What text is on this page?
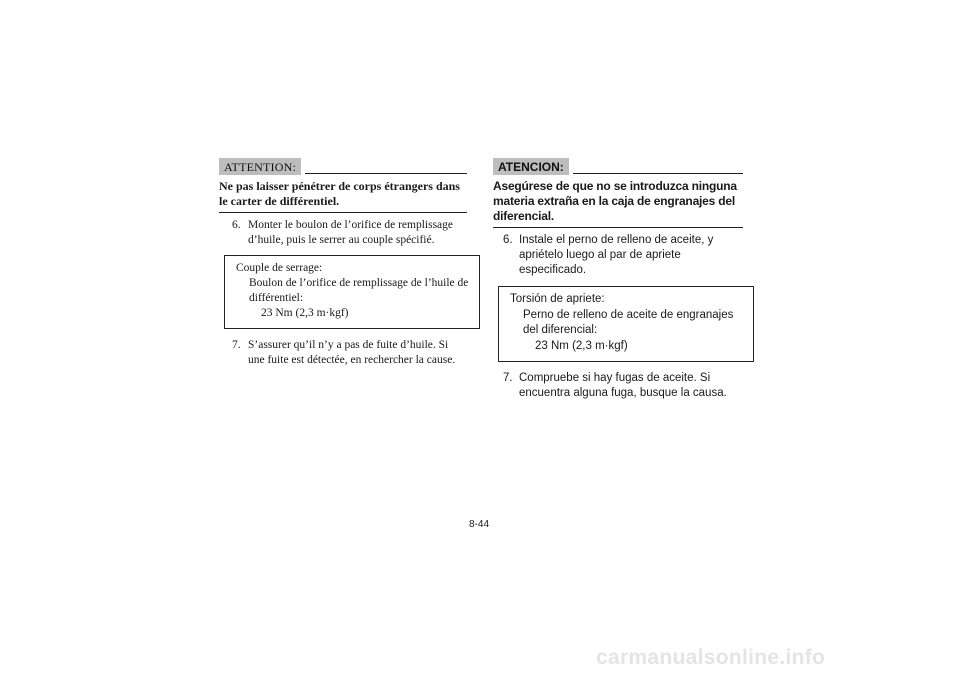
ATTENTION:
Ne pas laisser pénétrer de corps étrangers dans le carter de différentiel.
6. Monter le boulon de l’orifice de remplissage d’huile, puis le serrer au couple spécifié.
Couple de serrage:
Boulon de l’orifice de remplissage de l’huile de différentiel:
23 Nm (2,3 m·kgf)
7. S’assurer qu’il n’y a pas de fuite d’huile. Si une fuite est détectée, en rechercher la cause.
ATENCION:
Asegúrese de que no se introduzca ninguna materia extraña en la caja de engranajes del diferencial.
6. Instale el perno de relleno de aceite, y apriételo luego al par de apriete especificado.
Torsión de apriete:
Perno de relleno de aceite de engranajes del diferencial:
23 Nm (2,3 m·kgf)
7. Compruebe si hay fugas de aceite. Si encuentra alguna fuga, busque la causa.
8-44
carmanualsonline.info
